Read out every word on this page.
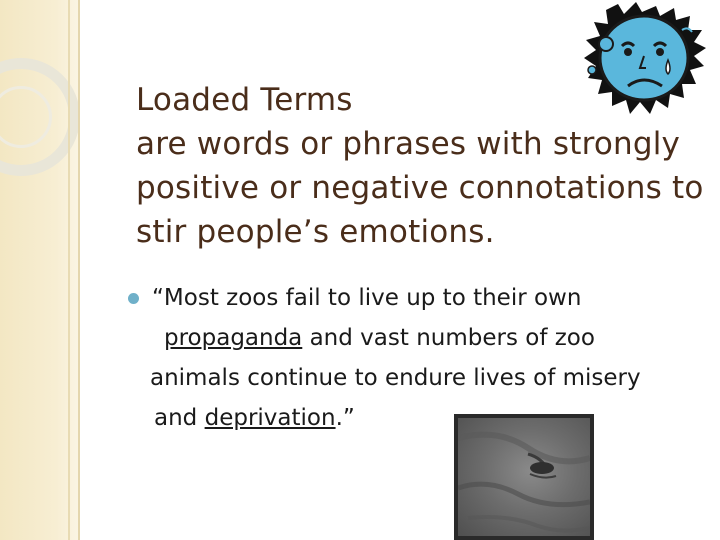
Loaded Terms
are words or phrases with strongly
positive or negative connotations to
stir people’s emotions.
“Most zoos fail to live up to their own
propaganda and vast numbers of zoo
animals continue to endure lives of misery
and deprivation.”
